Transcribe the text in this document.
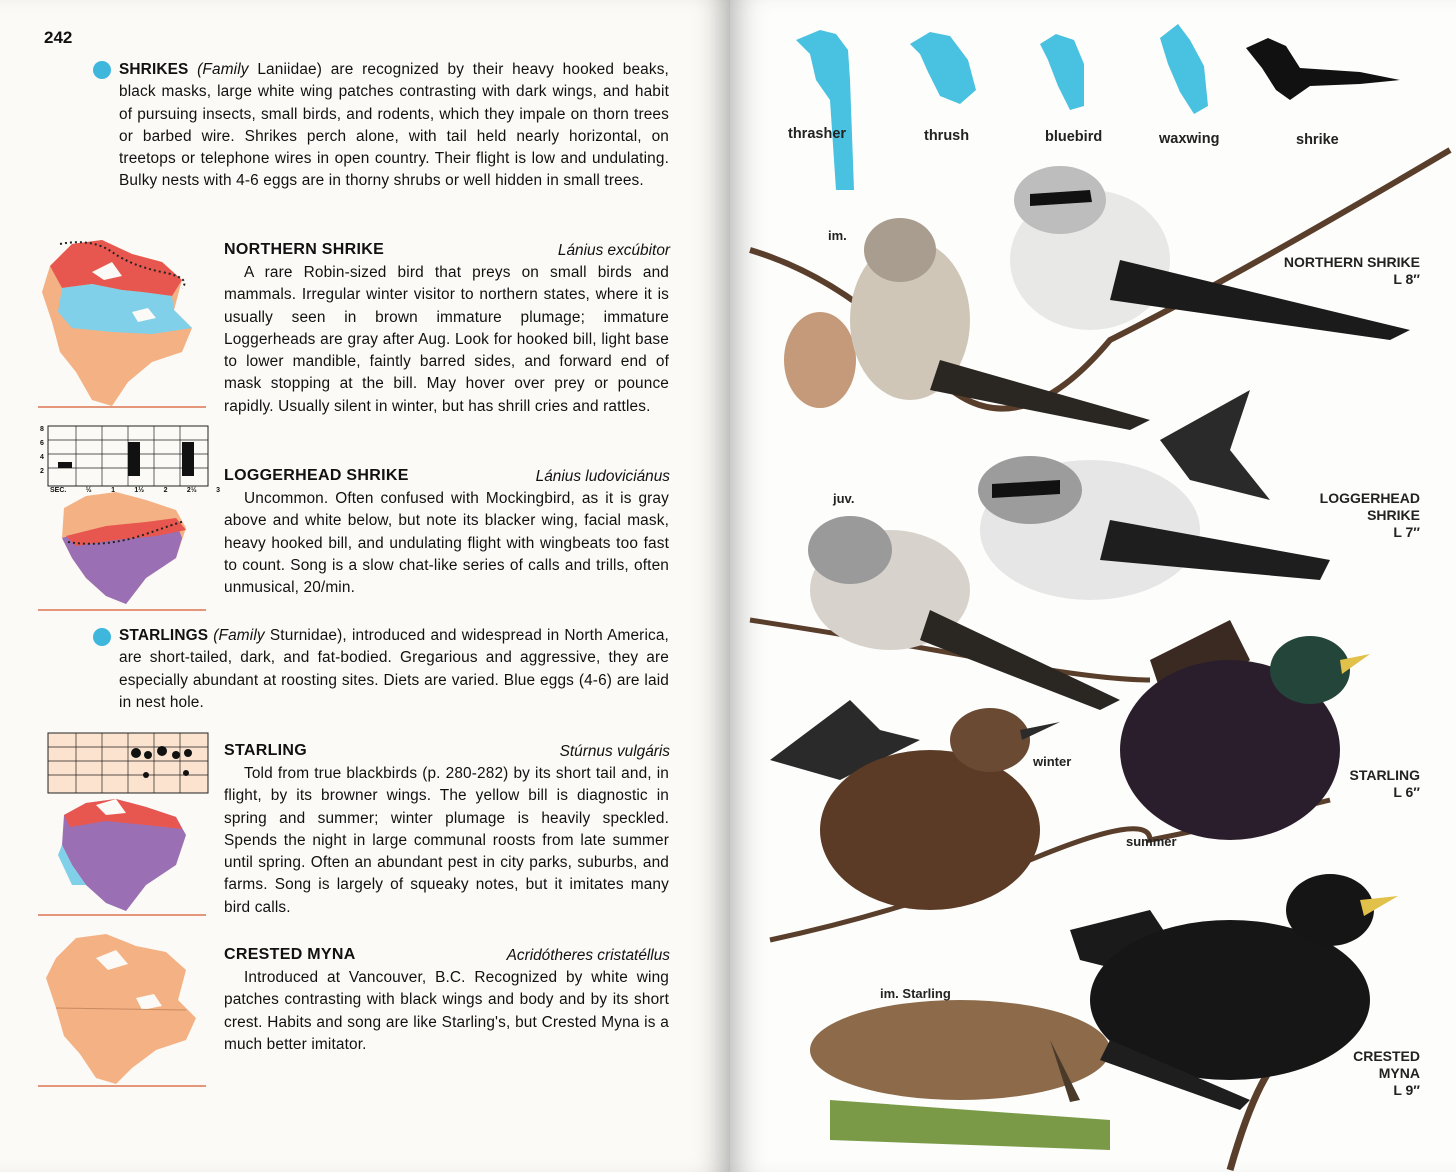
242
SHRIKES (Family Laniidae) are recognized by their heavy hooked beaks, black masks, large white wing patches contrasting with dark wings, and habit of pursuing insects, small birds, and rodents, which they impale on thorn trees or barbed wire. Shrikes perch alone, with tail held nearly horizontal, on treetops or telephone wires in open country. Their flight is low and undulating. Bulky nests with 4-6 eggs are in thorny shrubs or well hidden in small trees.
NORTHERN SHRIKE	Lánius excúbitor
A rare Robin-sized bird that preys on small birds and mammals. Irregular winter visitor to northern states, where it is usually seen in brown immature plumage; immature Loggerheads are gray after Aug. Look for hooked bill, light base to lower mandible, faintly barred sides, and forward end of mask stopping at the bill. May hover over prey or pounce rapidly. Usually silent in winter, but has shrill cries and rattles.
8
6
4
2
SEC.	½	1	1½	2	2½	3
LOGGERHEAD SHRIKE	Lánius ludoviciánus
Uncommon. Often confused with Mockingbird, as it is gray above and white below, but note its blacker wing, facial mask, heavy hooked bill, and undulating flight with wingbeats too fast to count. Song is a slow chat-like series of calls and trills, often unmusical, 20/min.
STARLINGS (Family Sturnidae), introduced and widespread in North America, are short-tailed, dark, and fat-bodied. Gregarious and aggressive, they are especially abundant at roosting sites. Diets are varied. Blue eggs (4-6) are laid in nest hole.
STARLING	Stúrnus vulgáris
Told from true blackbirds (p. 280-282) by its short tail and, in flight, by its browner wings. The yellow bill is diagnostic in spring and summer; winter plumage is heavily speckled. Spends the night in large communal roosts from late summer until spring. Often an abundant pest in city parks, suburbs, and farms. Song is largely of squeaky notes, but it imitates many bird calls.
CRESTED MYNA	Acridótheres cristatéllus
Introduced at Vancouver, B.C. Recognized by white wing patches contrasting with black wings and body and by its short crest. Habits and song are like Starling's, but Crested Myna is a much better imitator.
thrasher	thrush	bluebird	waxwing	shrike
im.
juv.
winter
summer
im. Starling
NORTHERN SHRIKE
L 8″
LOGGERHEAD
SHRIKE
L 7″
STARLING
L 6″
CRESTED
MYNA
L 9″
